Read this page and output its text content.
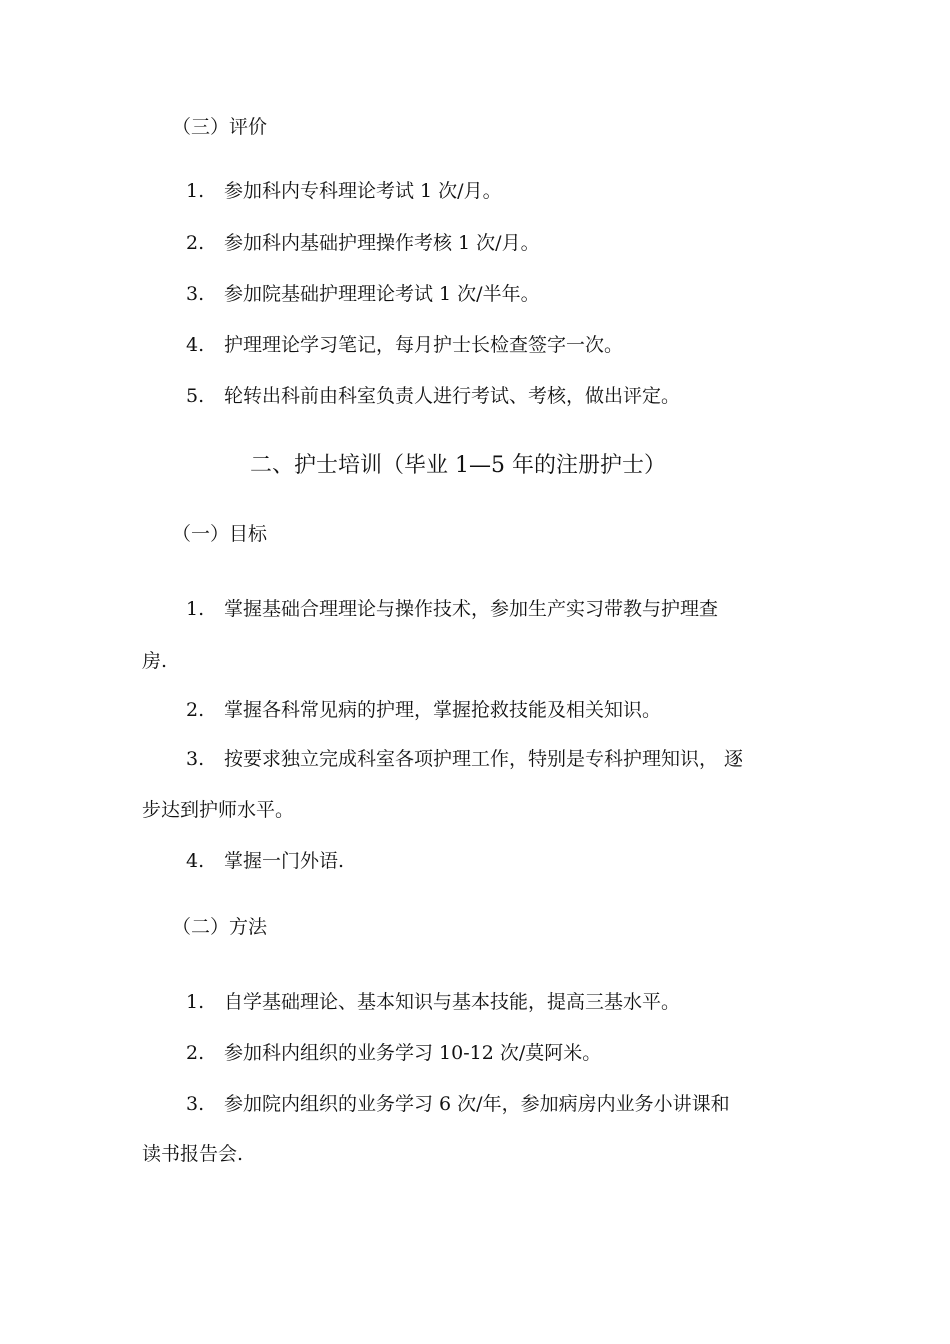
（三）评价
1. 参加科内专科理论考试 1 次/月。
2. 参加科内基础护理操作考核 1 次/月。
3. 参加院基础护理理论考试 1 次/半年。
4. 护理理论学习笔记，每月护士长检查签字一次。
5. 轮转出科前由科室负责人进行考试、考核，做出评定。
二、护士培训（毕业 1—5 年的注册护士）
（一）目标
1. 掌握基础合理理论与操作技术，参加生产实习带教与护理查
房.
2. 掌握各科常见病的护理，掌握抢救技能及相关知识。
3. 按要求独立完成科室各项护理工作，特别是专科护理知识， 逐
步达到护师水平。
4. 掌握一门外语.
（二）方法
1. 自学基础理论、基本知识与基本技能，提高三基水平。
2. 参加科内组织的业务学习 10-12 次/莫阿米。
3. 参加院内组织的业务学习 6 次/年，参加病房内业务小讲课和
读书报告会.
